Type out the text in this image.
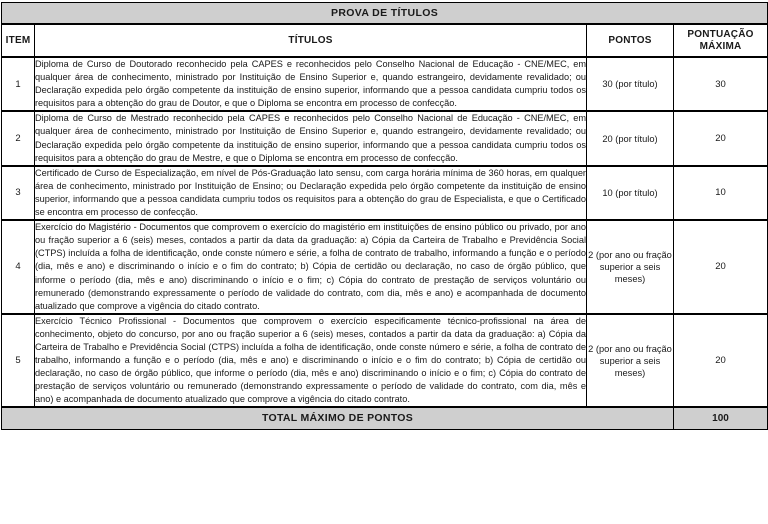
PROVA DE TÍTULOS			
ITEM	TÍTULOS	PONTOS	PONTUAÇÃO
MÁXIMA
1	Diploma de Curso de Doutorado reconhecido pela CAPES e reconhecidos pelo Conselho Nacional de Educação - CNE/MEC, em qualquer área de conhecimento, ministrado por Instituição de Ensino Superior e, quando estrangeiro, devidamente revalidado; ou Declaração expedida pelo órgão competente da instituição de ensino superior, informando que a pessoa candidata cumpriu todos os requisitos para a obtenção do grau de Doutor, e que o Diploma se encontra em processo de confecção.	30 (por título)	30
2	Diploma de Curso de Mestrado reconhecido pela CAPES e reconhecidos pelo Conselho Nacional de Educação - CNE/MEC, em qualquer área de conhecimento, ministrado por Instituição de Ensino Superior e, quando estrangeiro, devidamente revalidado; ou Declaração expedida pelo órgão competente da instituição de ensino superior, informando que a pessoa candidata cumpriu todos os requisitos para a obtenção do grau de Mestre, e que o Diploma se encontra em processo de confecção.	20 (por título)	20
3	Certificado de Curso de Especialização, em nível de Pós-Graduação lato sensu, com carga horária mínima de 360 horas, em qualquer área de conhecimento, ministrado por Instituição de Ensino; ou Declaração expedida pelo órgão competente da instituição de ensino superior, informando que a pessoa candidata cumpriu todos os requisitos para a obtenção do grau de Especialista, e que o Certificado se encontra em processo de confecção.	10 (por título)	10
4	Exercício do Magistério - Documentos que comprovem o exercício do magistério em instituições de ensino público ou privado, por ano ou fração superior a 6 (seis) meses, contados a partir da data da graduação: a) Cópia da Carteira de Trabalho e Previdência Social (CTPS) incluída a folha de identificação, onde conste número e série, a folha de contrato de trabalho, informando a função e o período (dia, mês e ano) e discriminando o início e o fim do contrato; b) Cópia de certidão ou declaração, no caso de órgão público, que informe o período (dia, mês e ano) discriminando o início e o fim; c) Cópia do contrato de prestação de serviços voluntário ou remunerado (demonstrando expressamente o período de validade do contrato, com dia, mês e ano) e acompanhada de documento atualizado que comprove a vigência do citado contrato.	2 (por ano ou fração superior a seis meses)	20
5	Exercício Técnico Profissional - Documentos que comprovem o exercício especificamente técnico-profissional na área de conhecimento, objeto do concurso, por ano ou fração superior a 6 (seis) meses, contados a partir da data da graduação: a) Cópia da Carteira de Trabalho e Previdência Social (CTPS) incluída a folha de identificação, onde conste número e série, a folha de contrato de trabalho, informando a função e o período (dia, mês e ano) e discriminando o início e o fim do contrato; b) Cópia de certidão ou declaração, no caso de órgão público, que informe o período (dia, mês e ano) discriminando o início e o fim; c) Cópia do contrato de prestação de serviços voluntário ou remunerado (demonstrando expressamente o período de validade do contrato, com dia, mês e ano) e acompanhada de documento atualizado que comprove a vigência do citado contrato.	2 (por ano ou fração superior a seis meses)	20
TOTAL MÁXIMO DE PONTOS			100
